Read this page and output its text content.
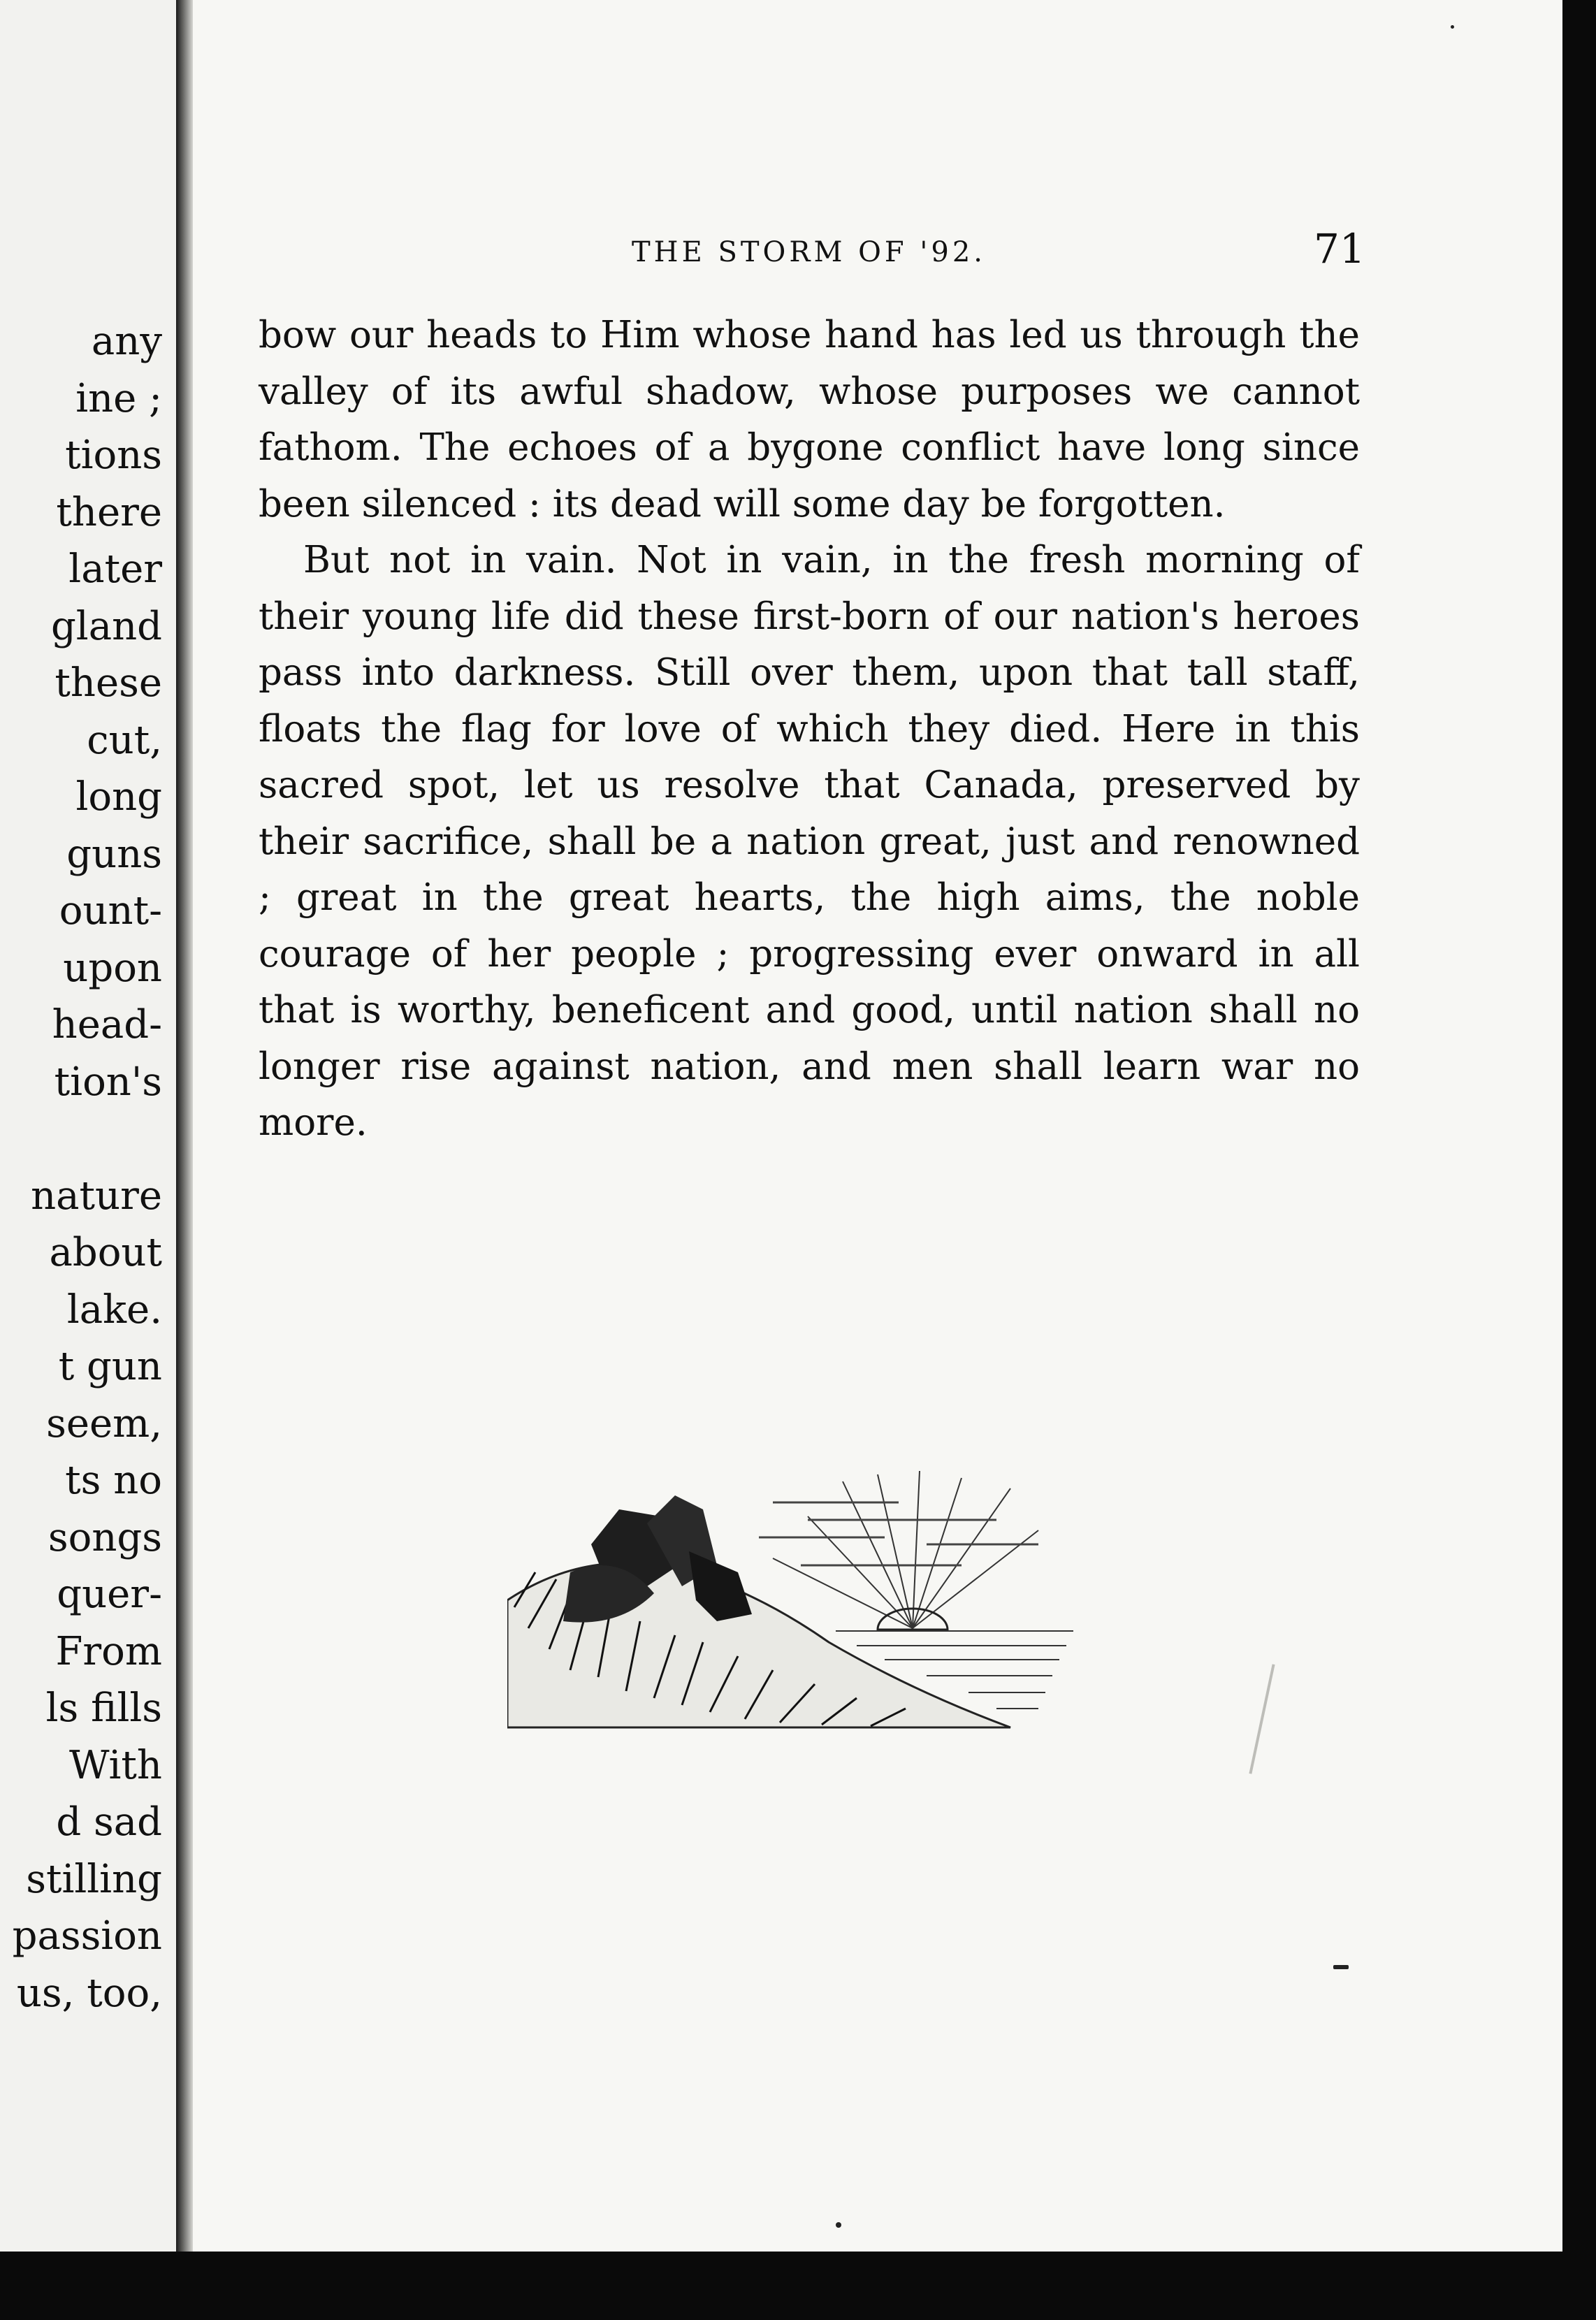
any
ine ;
tions
there
later
gland
these
cut,
long
guns
ount-
upon
head-
tion's
nature
about
lake.
t gun
seem,
ts no
songs
quer-
From
ls fills
With
d sad
stilling
passion
us, too,
THE STORM OF '92.	71

bow our heads to Him whose hand has led us through the valley of its awful shadow, whose purposes we cannot fathom. The echoes of a bygone conflict have long since been silenced : its dead will some day be forgotten.

But not in vain. Not in vain, in the fresh morning of their young life did these first-born of our nation's heroes pass into darkness. Still over them, upon that tall staff, floats the flag for love of which they died. Here in this sacred spot, let us resolve that Canada, preserved by their sacrifice, shall be a nation great, just and renowned ; great in the great hearts, the high aims, the noble courage of her people ; progressing ever onward in all that is worthy, beneficent and good, until nation shall no longer rise against nation, and men shall learn war no more.
